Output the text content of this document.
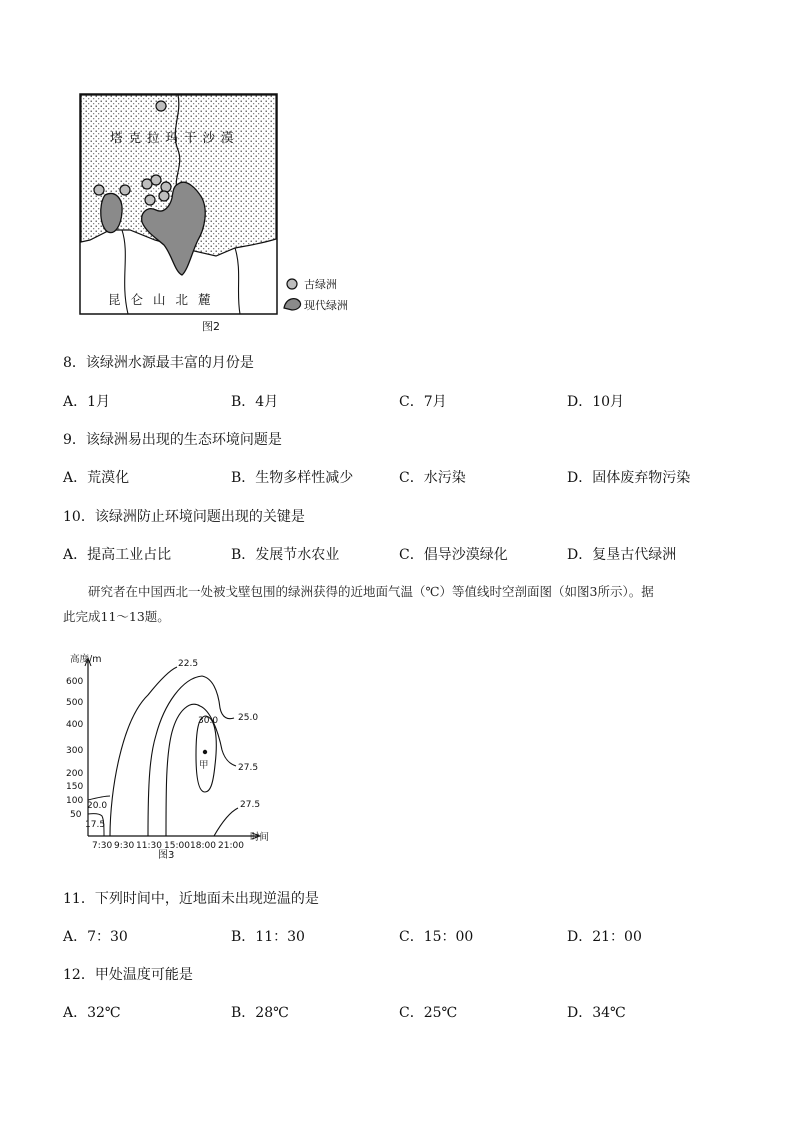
塔克拉玛干沙漠
昆仑山北麓
古绿洲
现代绿洲
图2
8．该绿洲水源最丰富的月份是
A．1月	B．4月	C．7月	D．10月
9．该绿洲易出现的生态环境问题是
A．荒漠化	B．生物多样性减少	C．水污染	D．固体废弃物污染
10．该绿洲防止环境问题出现的关键是
A．提高工业占比	B．发展节水农业	C．倡导沙漠绿化	D．复垦古代绿洲
研究者在中国西北一处被戈壁包围的绿洲获得的近地面气温（℃）等值线时空剖面图（如图3所示）。据
此完成11～13题。
高度/m
时间
600
500
400
300
200
150
100
50
7:30 9:30 11:30 15:00 18:00 21:00
22.5
25.0
30.0
27.5
27.5
20.0
17.5
甲
图3
11．下列时间中，近地面未出现逆温的是
A．7：30	B．11：30	C．15：00	D．21：00
12．甲处温度可能是
A．32℃	B．28℃	C．25℃	D．34℃
